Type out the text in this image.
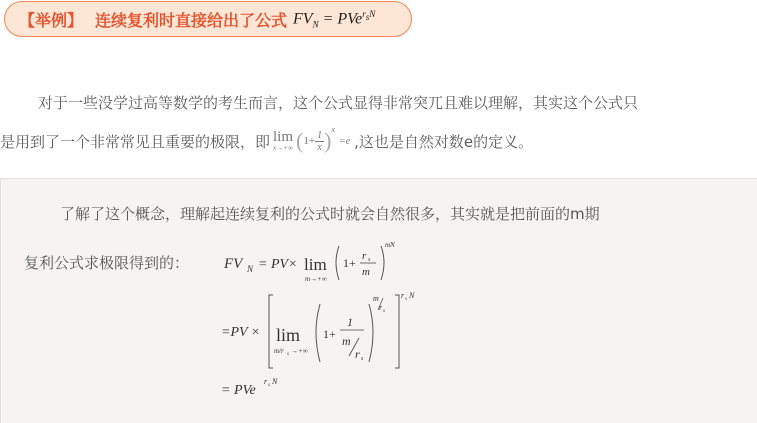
【举例】 连续复利时直接给出了公式 $FV_N = PVe^{r_sN}$
对于一些没学过高等数学的考生而言，这个公式显得非常突兀且难以理解，其实这个公式只
是用到了一个非常常见且重要的极限，即 lim
x→+∞ ( $1+ \frac{1}{x}$ ) x
=e ,这也是自然对数e的定义。
了解了这个概念，理解起连续复利的公式时就会自然很多，其实就是把前面的m期
复利公式求极限得到的： FV N = PV× lim
m→+∞
1+ r s
m
mN
=PV × lim
m/r s →+∞
1+
1
m
r s
m
r s
r s N
= PVe
r s N
